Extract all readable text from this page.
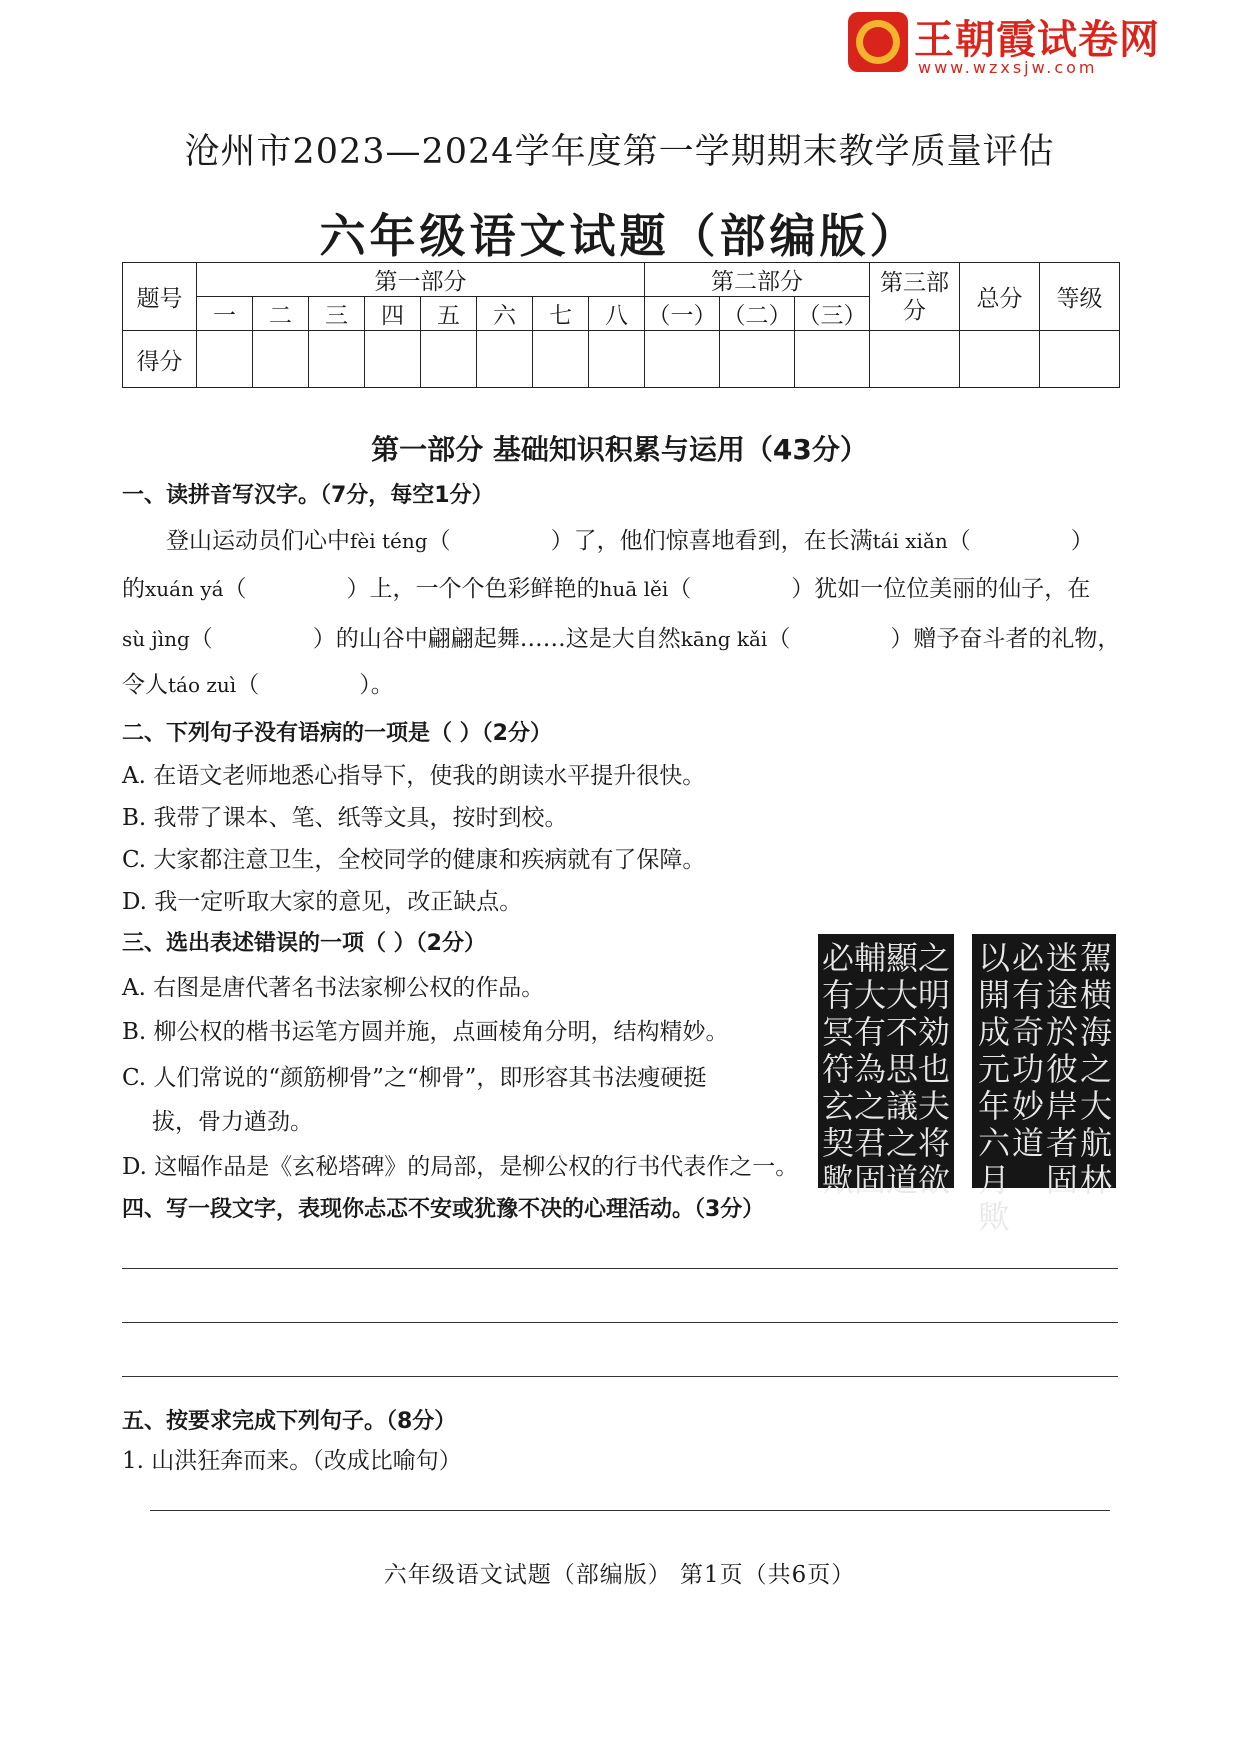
王朝霞试卷网
www.wzxsjw.com
沧州市2023—2024学年度第一学期期末教学质量评估
六年级语文试题（部编版）
题号	第一部分								第二部分			第三部分	总分	等级
	一	二	三	四	五	六	七	八	（一）	（二）	（三）			
得分														
第一部分 基础知识积累与运用（43分）
一、读拼音写汉字。（7分，每空1分）
登山运动员们心中fèi téng（	）了，他们惊喜地看到，在长满tái xiǎn（	）
的xuán yá（	）上，一个个色彩鲜艳的huā lěi（	）犹如一位位美丽的仙子，在
sù jìng（	）的山谷中翩翩起舞……这是大自然kāng kǎi（	）赠予奋斗者的礼物，
令人táo zuì（	）。
二、下列句子没有语病的一项是（ ）（2分）
A. 在语文老师地悉心指导下，使我的朗读水平提升很快。
B. 我带了课本、笔、纸等文具，按时到校。
C. 大家都注意卫生，全校同学的健康和疾病就有了保障。
D. 我一定听取大家的意见，改正缺点。
三、选出表述错误的一项（ ）（2分）
A. 右图是唐代著名书法家柳公权的作品。
B. 柳公权的楷书运笔方圆并施，点画棱角分明，结构精妙。
C. 人们常说的“颜筋柳骨”之“柳骨”，即形容其书法瘦硬挺
拔，骨力遒劲。
D. 这幅作品是《玄秘塔碑》的局部，是柳公权的行书代表作之一。
之明効也夫将欲
顯大不思議之道
輔大有為之君固
必有冥符玄契歟
駕横海之大航林
迷途於彼岸者固
必有奇功妙道
以開成元年六月歟
四、写一段文字，表现你忐忑不安或犹豫不决的心理活动。（3分）
五、按要求完成下列句子。（8分）
1. 山洪狂奔而来。（改成比喻句）
六年级语文试题（部编版） 第1页（共6页）
